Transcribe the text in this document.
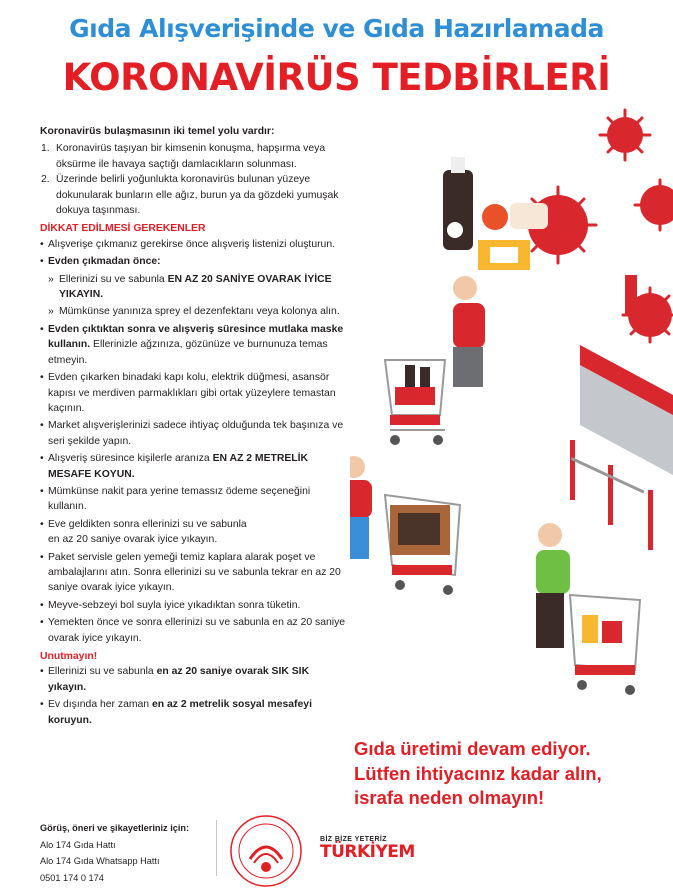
Gıda Alışverişinde ve Gıda Hazırlamada
KORONAVİRÜS TEDBİRLERİ

Koronavirüs bulaşmasının iki temel yolu vardır:

1. Koronavirüs taşıyan bir kimsenin konuşma, hapşırma veya öksürme ile havaya saçtığı damlacıkların solunması.

2. Üzerinde belirli yoğunlukta koronavirüs bulunan yüzeye dokunularak bunların elle ağız, burun ya da gözdeki yumuşak dokuya taşınması.

DİKKAT EDİLMESİ GEREKENLER

• Alışverişe çıkmanız gerekirse önce alışveriş listenizi oluşturun.

• Evden çıkmadan önce:

» Ellerinizi su ve sabunla EN AZ 20 SANİYE OVARAK İYİCE YIKAYIN.

» Mümkünse yanınıza sprey el dezenfektanı veya kolonya alın.

• Evden çıktıktan sonra ve alışveriş süresince mutlaka maske kullanın. Ellerinizle ağzınıza, gözünüze ve burnunuza temas etmeyin.

• Evden çıkarken binadaki kapı kolu, elektrik düğmesi, asansör kapısı ve merdiven parmaklıkları gibi ortak yüzeylere temastan kaçının.

• Market alışverişlerinizi sadece ihtiyaç olduğunda tek başınıza ve seri şekilde yapın.

• Alışveriş süresince kişilerle aranıza EN AZ 2 METRELİK MESAFE KOYUN.

• Mümkünse nakit para yerine temassız ödeme seçeneğini kullanın.

• Eve geldikten sonra ellerinizi su ve sabunla
en az 20 saniye ovarak iyice yıkayın.

• Paket servisle gelen yemeği temiz kaplara alarak poşet ve ambalajlarını atın. Sonra ellerinizi su ve sabunla tekrar en az 20 saniye ovarak iyice yıkayın.

• Meyve-sebzeyi bol suyla iyice yıkadıktan sonra tüketin.

• Yemekten önce ve sonra ellerinizi su ve sabunla en az 20 saniye ovarak iyice yıkayın.

Unutmayın!

• Ellerinizi su ve sabunla en az 20 saniye ovarak SIK SIK yıkayın.

• Ev dışında her zaman en az 2 metrelik sosyal mesafeyi koruyun.

Gıda üretimi devam ediyor.
Lütfen ihtiyacınız kadar alın,
israfa neden olmayın!
Görüş, öneri ve şikayetleriniz için:
Alo 174 Gıda Hattı
Alo 174 Gıda Whatsapp Hattı
0501 174 0 174
BİZ BİZE YETERİZ
TÜRKİYEM
